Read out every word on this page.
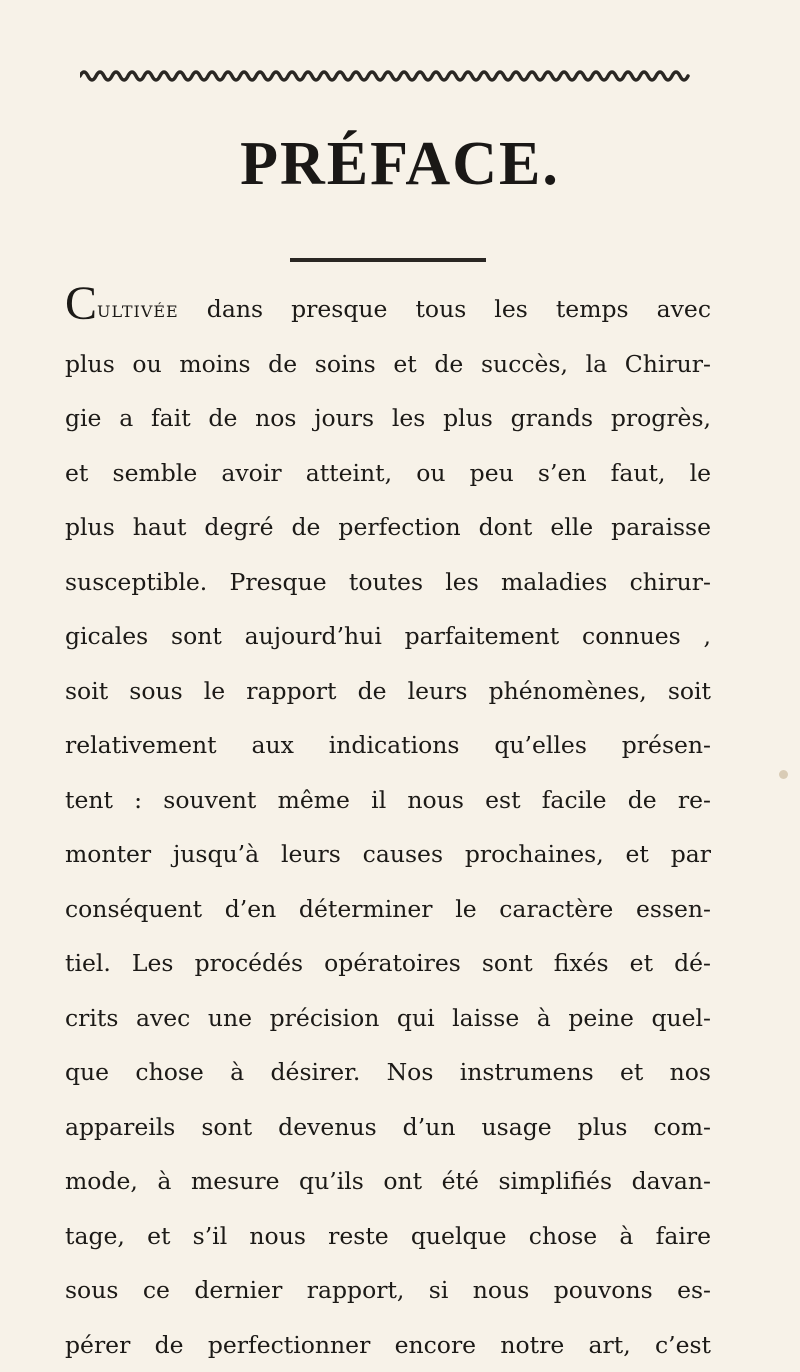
PRÉFACE.
Cultivée dans presque tous les temps avec
plus ou moins de soins et de succès, la Chirur-
gie a fait de nos jours les plus grands progrès,
et semble avoir atteint, ou peu s’en faut, le
plus haut degré de perfection dont elle paraisse
susceptible. Presque toutes les maladies chirur-
gicales sont aujourd’hui parfaitement connues ,
soit sous le rapport de leurs phénomènes, soit
relativement aux indications qu’elles présen-
tent : souvent même il nous est facile de re-
monter jusqu’à leurs causes prochaines, et par
conséquent d’en déterminer le caractère essen-
tiel. Les procédés opératoires sont fixés et dé-
crits avec une précision qui laisse à peine quel-
que chose à désirer. Nos instrumens et nos
appareils sont devenus d’un usage plus com-
mode, à mesure qu’ils ont été simplifiés davan-
tage, et s’il nous reste quelque chose à faire
sous ce dernier rapport, si nous pouvons es-
pérer de perfectionner encore notre art, c’est
